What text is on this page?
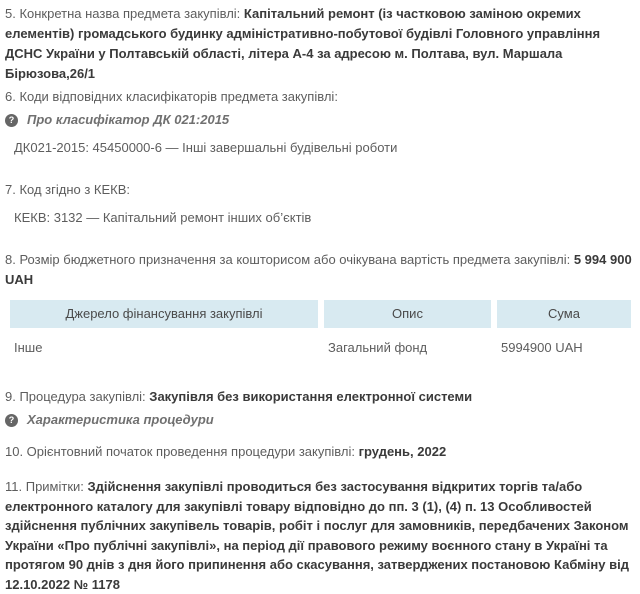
5. Конкретна назва предмета закупівлі: Капітальний ремонт (із частковою заміною окремих елементів) громадського будинку адміністративно-побутової будівлі Головного управління ДСНС України у Полтавській області, літера А-4 за адресою м. Полтава, вул. Маршала Бірюзова,26/1

6. Коди відповідних класифікаторів предмета закупівлі:

? Про класифікатор ДК 021:2015

ДК021-2015: 45450000-6 — Інші завершальні будівельні роботи

7. Код згідно з КЕКВ:

КЕКВ: 3132 — Капітальний ремонт інших об’єктів

8. Розмір бюджетного призначення за кошторисом або очікувана вартість предмета закупівлі: 5 994 900 UAH

Джерело фінансування закупівлі	Опис	Сума
Інше	Загальний фонд	5994900 UAH

9. Процедура закупівлі: Закупівля без використання електронної системи

? Характеристика процедури

10. Орієнтовний початок проведення процедури закупівлі: грудень, 2022

11. Примітки: Здійснення закупівлі проводиться без застосування відкритих торгів та/або електронного каталогу для закупівлі товару відповідно до пп. 3 (1), (4) п. 13 Особливостей здійснення публічних закупівель товарів, робіт і послуг для замовників, передбачених Законом України «Про публічні закупівлі», на період дії правового режиму воєнного стану в Україні та протягом 90 днів з дня його припинення або скасування, затверджених постановою Кабміну від 12.10.2022 № 1178
